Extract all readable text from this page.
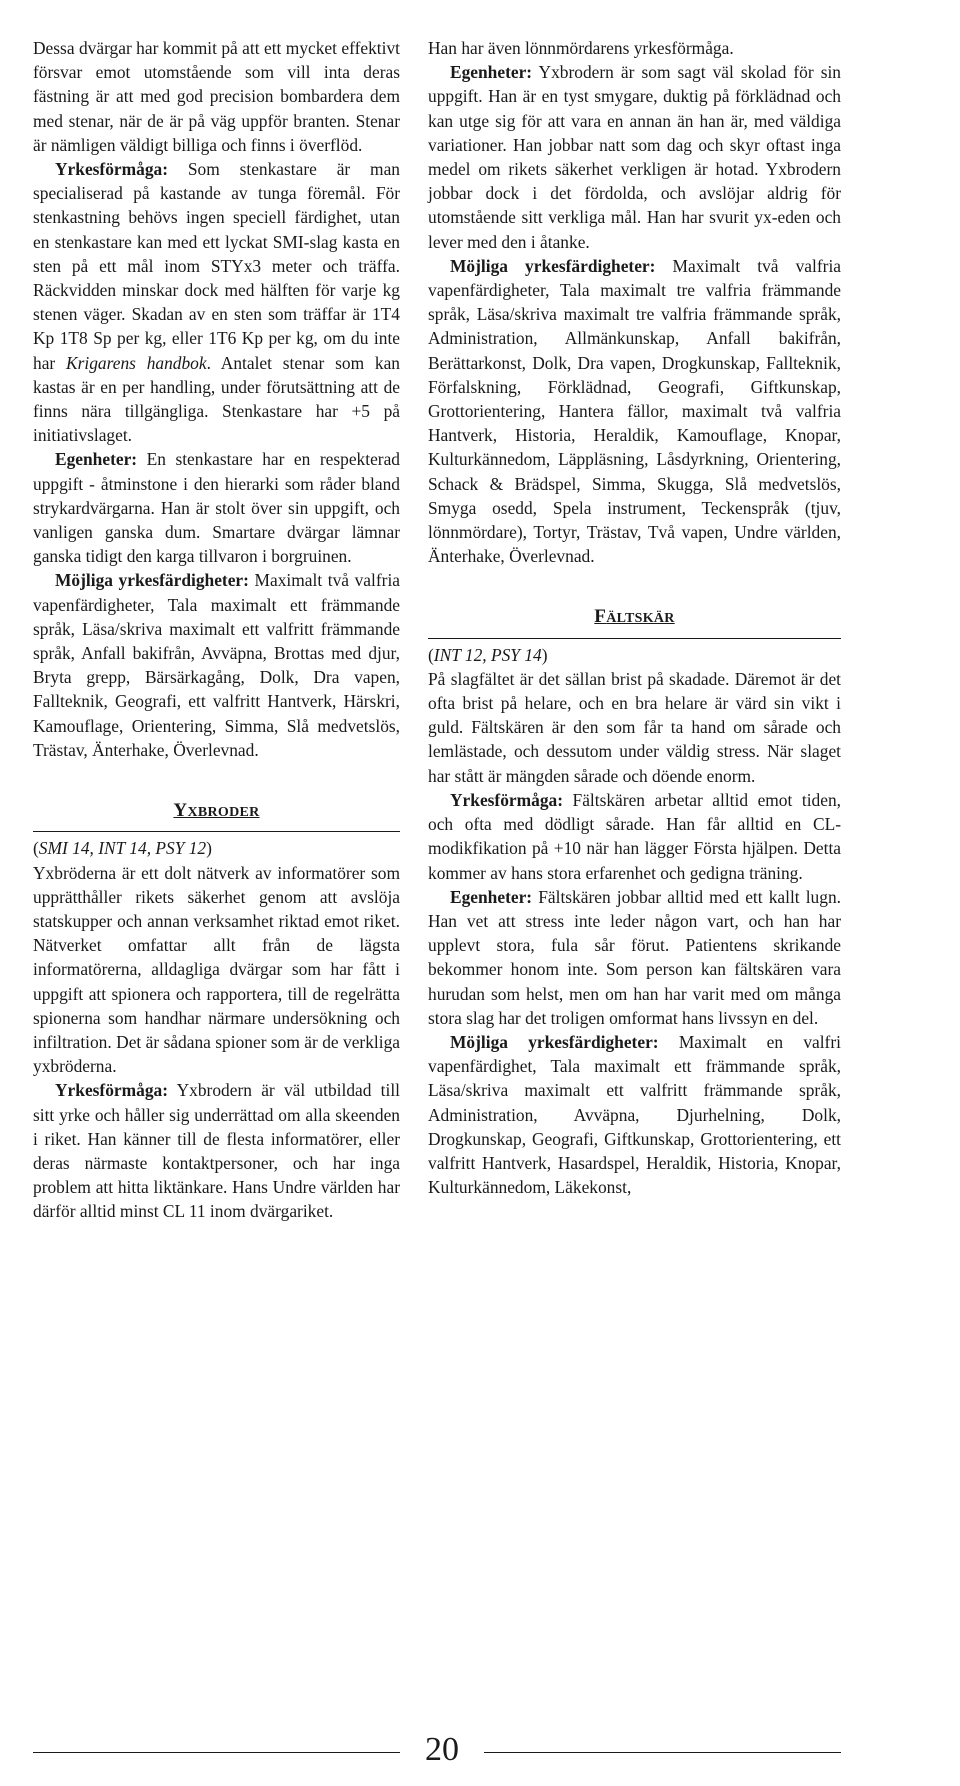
Dessa dvärgar har kommit på att ett mycket effektivt försvar emot utomstående som vill inta deras fästning är att med god precision bombardera dem med stenar, när de är på väg uppför branten. Stenar är nämligen väldigt billiga och finns i överflöd.

Yrkesförmåga: Som stenkastare är man specialiserad på kastande av tunga föremål. För stenkastning behövs ingen speciell färdighet, utan en stenkastare kan med ett lyckat SMI-slag kasta en sten på ett mål inom STYx3 meter och träffa. Räckvidden minskar dock med hälften för varje kg stenen väger. Skadan av en sten som träffar är 1T4 Kp 1T8 Sp per kg, eller 1T6 Kp per kg, om du inte har Krigarens handbok. Antalet stenar som kan kastas är en per handling, under förutsättning att de finns nära tillgängliga. Stenkastare har +5 på initiativslaget.

Egenheter: En stenkastare har en respekterad uppgift - åtminstone i den hierarki som råder bland strykardvärgarna. Han är stolt över sin uppgift, och vanligen ganska dum. Smartare dvärgar lämnar ganska tidigt den karga tillvaron i borgruinen.

Möjliga yrkesfärdigheter: Maximalt två valfria vapenfärdigheter, Tala maximalt ett främmande språk, Läsa/skriva maximalt ett valfritt främmande språk, Anfall bakifrån, Avväpna, Brottas med djur, Bryta grepp, Bärsärkagång, Dolk, Dra vapen, Fallteknik, Geografi, ett valfritt Hantverk, Härskri, Kamouflage, Orientering, Simma, Slå medvetslös, Trästav, Änterhake, Överlevnad.

YXBRODER

(SMI 14, INT 14, PSY 12)

Yxbröderna är ett dolt nätverk av informatörer som upprätthåller rikets säkerhet genom att avslöja statskupper och annan verksamhet riktad emot riket. Nätverket omfattar allt från de lägsta informatörerna, alldagliga dvärgar som har fått i uppgift att spionera och rapportera, till de regelrätta spionerna som handhar närmare undersökning och infiltration. Det är sådana spioner som är de verkliga yxbröderna.

Yrkesförmåga: Yxbrodern är väl utbildad till sitt yrke och håller sig underrättad om alla skeenden i riket. Han känner till de flesta informatörer, eller deras närmaste kontaktpersoner, och har inga problem att hitta liktänkare. Hans Undre världen har därför alltid minst CL 11 inom dvärgariket.

Han har även lönnmördarens yrkesförmåga.

Egenheter: Yxbrodern är som sagt väl skolad för sin uppgift. Han är en tyst smygare, duktig på förklädnad och kan utge sig för att vara en annan än han är, med väldiga variationer. Han jobbar natt som dag och skyr oftast inga medel om rikets säkerhet verkligen är hotad. Yxbrodern jobbar dock i det fördolda, och avslöjar aldrig för utomstående sitt verkliga mål. Han har svurit yx-eden och lever med den i åtanke.

Möjliga yrkesfärdigheter: Maximalt två valfria vapenfärdigheter, Tala maximalt tre valfria främmande språk, Läsa/skriva maximalt tre valfria främmande språk, Administration, Allmänkunskap, Anfall bakifrån, Berättarkonst, Dolk, Dra vapen, Drogkunskap, Fallteknik, Förfalskning, Förklädnad, Geografi, Giftkunskap, Grottorientering, Hantera fällor, maximalt två valfria Hantverk, Historia, Heraldik, Kamouflage, Knopar, Kulturkännedom, Läppläsning, Låsdyrkning, Orientering, Schack & Brädspel, Simma, Skugga, Slå medvetslös, Smyga osedd, Spela instrument, Teckenspråk (tjuv, lönnmördare), Tortyr, Trästav, Två vapen, Undre världen, Änterhake, Överlevnad.

FÄLTSKÄR

(INT 12, PSY 14)

På slagfältet är det sällan brist på skadade. Däremot är det ofta brist på helare, och en bra helare är värd sin vikt i guld. Fältskären är den som får ta hand om sårade och lemlästade, och dessutom under väldig stress. När slaget har stått är mängden sårade och döende enorm.

Yrkesförmåga: Fältskären arbetar alltid emot tiden, och ofta med dödligt sårade. Han får alltid en CL-modikfikation på +10 när han lägger Första hjälpen. Detta kommer av hans stora erfarenhet och gedigna träning.

Egenheter: Fältskären jobbar alltid med ett kallt lugn. Han vet att stress inte leder någon vart, och han har upplevt stora, fula sår förut. Patientens skrikande bekommer honom inte. Som person kan fältskären vara hurudan som helst, men om han har varit med om många stora slag har det troligen omformat hans livssyn en del.

Möjliga yrkesfärdigheter: Maximalt en valfri vapenfärdighet, Tala maximalt ett främmande språk, Läsa/skriva maximalt ett valfritt främmande språk, Administration, Avväpna, Djurhelning, Dolk, Drogkunskap, Geografi, Giftkunskap, Grottorientering, ett valfritt Hantverk, Hasardspel, Heraldik, Historia, Knopar, Kulturkännedom, Läkekonst,

20
